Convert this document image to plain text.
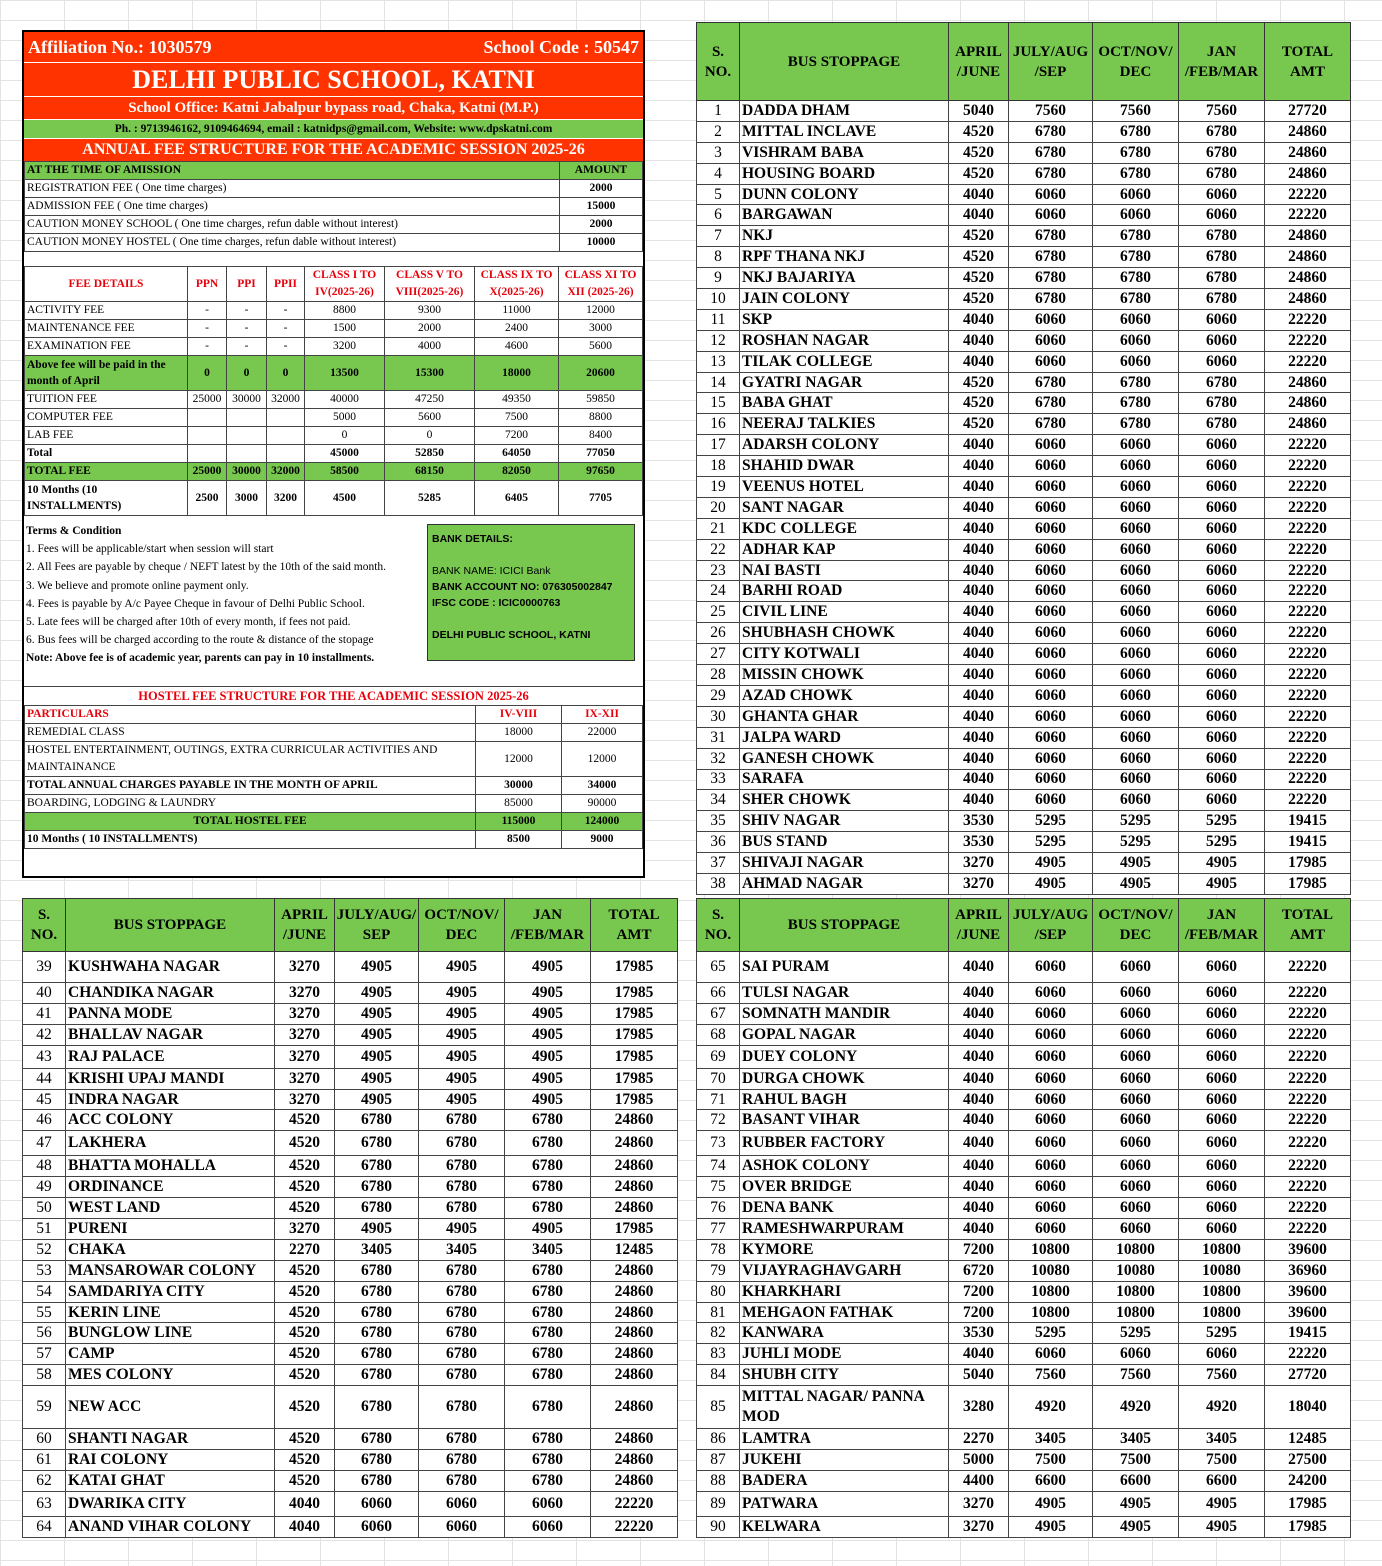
Affiliation No.: 1030579	School Code : 50547
DELHI PUBLIC SCHOOL, KATNI
School Office: Katni Jabalpur bypass road, Chaka, Katni (M.P.)
Ph. : 9713946162, 9109464694, email : katnidps@gmail.com, Website: www.dpskatni.com
ANNUAL FEE STRUCTURE FOR THE ACADEMIC SESSION 2025-26
AT THE TIME OF AMISSION	AMOUNT
REGISTRATION FEE ( One time charges)	2000
ADMISSION FEE ( One time charges)	15000
CAUTION MONEY SCHOOL ( One time charges, refun dable without interest)	2000
CAUTION MONEY HOSTEL ( One time charges, refun dable without interest)	10000
FEE DETAILS	PPN	PPI	PPII	CLASS I TO IV(2025-26)	CLASS V TO VIII(2025-26)	CLASS IX TO X(2025-26)	CLASS XI TO XII (2025-26)
ACTIVITY FEE	-	-	-	8800	9300	11000	12000
MAINTENANCE FEE	-	-	-	1500	2000	2400	3000
EXAMINATION FEE	-	-	-	3200	4000	4600	5600
Above fee will be paid in the month of April	0	0	0	13500	15300	18000	20600
TUITION FEE	25000	30000	32000	40000	47250	49350	59850
COMPUTER FEE				5000	5600	7500	8800
LAB FEE				0	0	7200	8400
Total				45000	52850	64050	77050
TOTAL FEE	25000	30000	32000	58500	68150	82050	97650
10 Months (10 INSTALLMENTS)	2500	3000	3200	4500	5285	6405	7705
Terms & Condition
1. Fees will be applicable/start when session will start
2. All Fees are payable by cheque / NEFT latest by the 10th of the said month.
3. We believe and promote online payment only.
4. Fees is payable by A/c Payee Cheque in favour of Delhi Public School.
5. Late fees will be charged after 10th of every month, if fees not paid.
6. Bus fees will be charged according to the route & distance of the stopage
Note: Above fee is of academic year, parents can pay in 10 installments.
BANK DETAILS:

BANK NAME: ICICI Bank
BANK ACCOUNT NO: 076305002847
IFSC CODE : ICIC0000763

DELHI PUBLIC SCHOOL, KATNI
HOSTEL FEE STRUCTURE FOR THE ACADEMIC SESSION 2025-26
PARTICULARS	IV-VIII	IX-XII
REMEDIAL CLASS	18000	22000
HOSTEL ENTERTAINMENT, OUTINGS, EXTRA CURRICULAR ACTIVITIES AND MAINTAINANCE	12000	12000
TOTAL ANNUAL CHARGES PAYABLE IN THE MONTH OF APRIL	30000	34000
BOARDING, LODGING & LAUNDRY	85000	90000
TOTAL HOSTEL FEE	115000	124000
10 Months ( 10 INSTALLMENTS)	8500	9000
S. NO.	BUS STOPPAGE	APRIL /JUNE	JULY/AUG /SEP	OCT/NOV/ DEC	JAN /FEB/MAR	TOTAL AMT
1	DADDA DHAM	5040	7560	7560	7560	27720
2	MITTAL INCLAVE	4520	6780	6780	6780	24860
3	VISHRAM BABA	4520	6780	6780	6780	24860
4	HOUSING BOARD	4520	6780	6780	6780	24860
5	DUNN COLONY	4040	6060	6060	6060	22220
6	BARGAWAN	4040	6060	6060	6060	22220
7	NKJ	4520	6780	6780	6780	24860
8	RPF THANA NKJ	4520	6780	6780	6780	24860
9	NKJ BAJARIYA	4520	6780	6780	6780	24860
10	JAIN COLONY	4520	6780	6780	6780	24860
11	SKP	4040	6060	6060	6060	22220
12	ROSHAN NAGAR	4040	6060	6060	6060	22220
13	TILAK COLLEGE	4040	6060	6060	6060	22220
14	GYATRI NAGAR	4520	6780	6780	6780	24860
15	BABA GHAT	4520	6780	6780	6780	24860
16	NEERAJ TALKIES	4520	6780	6780	6780	24860
17	ADARSH COLONY	4040	6060	6060	6060	22220
18	SHAHID DWAR	4040	6060	6060	6060	22220
19	VEENUS HOTEL	4040	6060	6060	6060	22220
20	SANT NAGAR	4040	6060	6060	6060	22220
21	KDC COLLEGE	4040	6060	6060	6060	22220
22	ADHAR KAP	4040	6060	6060	6060	22220
23	NAI BASTI	4040	6060	6060	6060	22220
24	BARHI ROAD	4040	6060	6060	6060	22220
25	CIVIL LINE	4040	6060	6060	6060	22220
26	SHUBHASH CHOWK	4040	6060	6060	6060	22220
27	CITY KOTWALI	4040	6060	6060	6060	22220
28	MISSIN CHOWK	4040	6060	6060	6060	22220
29	AZAD CHOWK	4040	6060	6060	6060	22220
30	GHANTA GHAR	4040	6060	6060	6060	22220
31	JALPA WARD	4040	6060	6060	6060	22220
32	GANESH CHOWK	4040	6060	6060	6060	22220
33	SARAFA	4040	6060	6060	6060	22220
34	SHER CHOWK	4040	6060	6060	6060	22220
35	SHIV NAGAR	3530	5295	5295	5295	19415
36	BUS STAND	3530	5295	5295	5295	19415
37	SHIVAJI NAGAR	3270	4905	4905	4905	17985
38	AHMAD NAGAR	3270	4905	4905	4905	17985
S. NO.	BUS STOPPAGE	APRIL /JUNE	JULY/AUG/ SEP	OCT/NOV/ DEC	JAN /FEB/MAR	TOTAL AMT
39	KUSHWAHA NAGAR	3270	4905	4905	4905	17985
40	CHANDIKA NAGAR	3270	4905	4905	4905	17985
41	PANNA MODE	3270	4905	4905	4905	17985
42	BHALLAV NAGAR	3270	4905	4905	4905	17985
43	RAJ PALACE	3270	4905	4905	4905	17985
44	KRISHI UPAJ MANDI	3270	4905	4905	4905	17985
45	INDRA NAGAR	3270	4905	4905	4905	17985
46	ACC COLONY	4520	6780	6780	6780	24860
47	LAKHERA	4520	6780	6780	6780	24860
48	BHATTA MOHALLA	4520	6780	6780	6780	24860
49	ORDINANCE	4520	6780	6780	6780	24860
50	WEST LAND	4520	6780	6780	6780	24860
51	PURENI	3270	4905	4905	4905	17985
52	CHAKA	2270	3405	3405	3405	12485
53	MANSAROWAR COLONY	4520	6780	6780	6780	24860
54	SAMDARIYA CITY	4520	6780	6780	6780	24860
55	KERIN LINE	4520	6780	6780	6780	24860
56	BUNGLOW LINE	4520	6780	6780	6780	24860
57	CAMP	4520	6780	6780	6780	24860
58	MES COLONY	4520	6780	6780	6780	24860
59	NEW ACC	4520	6780	6780	6780	24860
60	SHANTI NAGAR	4520	6780	6780	6780	24860
61	RAI COLONY	4520	6780	6780	6780	24860
62	KATAI GHAT	4520	6780	6780	6780	24860
63	DWARIKA CITY	4040	6060	6060	6060	22220
64	ANAND VIHAR COLONY	4040	6060	6060	6060	22220
S. NO.	BUS STOPPAGE	APRIL /JUNE	JULY/AUG /SEP	OCT/NOV/ DEC	JAN /FEB/MAR	TOTAL AMT
65	SAI PURAM	4040	6060	6060	6060	22220
66	TULSI NAGAR	4040	6060	6060	6060	22220
67	SOMNATH MANDIR	4040	6060	6060	6060	22220
68	GOPAL NAGAR	4040	6060	6060	6060	22220
69	DUEY COLONY	4040	6060	6060	6060	22220
70	DURGA CHOWK	4040	6060	6060	6060	22220
71	RAHUL BAGH	4040	6060	6060	6060	22220
72	BASANT VIHAR	4040	6060	6060	6060	22220
73	RUBBER FACTORY	4040	6060	6060	6060	22220
74	ASHOK COLONY	4040	6060	6060	6060	22220
75	OVER BRIDGE	4040	6060	6060	6060	22220
76	DENA BANK	4040	6060	6060	6060	22220
77	RAMESHWARPURAM	4040	6060	6060	6060	22220
78	KYMORE	7200	10800	10800	10800	39600
79	VIJAYRAGHAVGARH	6720	10080	10080	10080	36960
80	KHARKHARI	7200	10800	10800	10800	39600
81	MEHGAON FATHAK	7200	10800	10800	10800	39600
82	KANWARA	3530	5295	5295	5295	19415
83	JUHLI MODE	4040	6060	6060	6060	22220
84	SHUBH CITY	5040	7560	7560	7560	27720
85	MITTAL NAGAR/ PANNA MOD	3280	4920	4920	4920	18040
86	LAMTRA	2270	3405	3405	3405	12485
87	JUKEHI	5000	7500	7500	7500	27500
88	BADERA	4400	6600	6600	6600	24200
89	PATWARA	3270	4905	4905	4905	17985
90	KELWARA	3270	4905	4905	4905	17985
